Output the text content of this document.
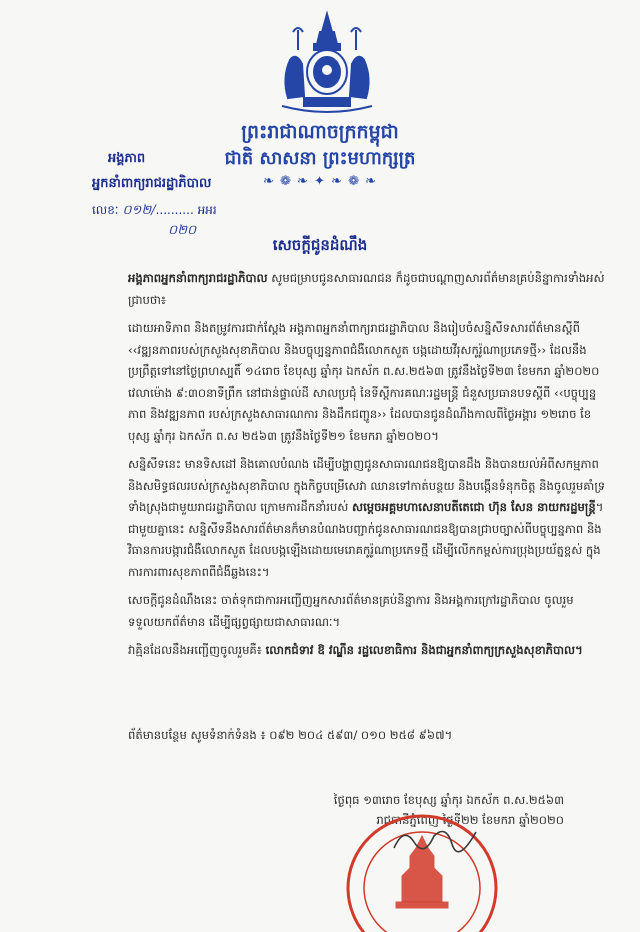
ព្រះរាជាណាចក្រកម្ពុជា
ជាតិ សាសនា ព្រះមហាក្សត្រ
❧ ❁ ❧ ✦ ❧ ❁ ❧
អង្គភាព
អ្នកនាំពាក្យរាជរដ្ឋាភិបាល
លេខៈ ០១២/.......... អអរ
០២០
សេចក្ដីជូនដំណឹង

អង្គភាពអ្នកនាំពាក្យរាជរដ្ឋាភិបាល សូមជម្រាបជូនសាធារណជន ក៏ដូចជាបណ្ដាញសារព័ត៌មានគ្រប់និន្នាការទាំងអស់ជ្រាបថា៖

ដោយអាទិភាព និងតម្រូវការជាក់ស្ដែង អង្គភាពអ្នកនាំពាក្យរាជរដ្ឋាភិបាល និងរៀបចំសន្និសីទសារព័ត៌មានស្ដីពី ‹‹វឌ្ឍនភាពរបស់ក្រសួងសុខាភិបាល និងបច្ចុប្បន្នភាពជំងឺលោកសួត បង្កដោយវីរុសកូរ៉ូណាប្រភេទថ្មី›› ដែលនឹងប្រព្រឹត្តទៅនៅថ្ងៃព្រហស្បតិ៍ ១៤រោច ខែបុស្ស ឆ្នាំកុរ ឯកស័ក ព.ស.២៥៦៣ ត្រូវនឹងថ្ងៃទី២៣ ខែមករា ឆ្នាំ២០២០ វេលាម៉ោង ៩:៣០នាទីព្រឹក នៅជាន់ផ្ទាល់ដី សាលប្រជុំ នៃទីស្ដីការគណៈរដ្ឋមន្ត្រី ជំនួសប្រធានបទស្ដីពី ‹‹បច្ចុប្បន្នភាព និងវឌ្ឍនភាព របស់ក្រសួងសាធារណការ និងដឹកជញ្ជូន›› ដែលបានជូនដំណឹងកាលពីថ្ងៃអង្គារ ១២រោច ខែបុស្ស ឆ្នាំកុរ ឯកស័ក ព.ស ២៥៦៣ ត្រូវនឹងថ្ងៃទី២១ ខែមករា ឆ្នាំ២០២០។

សន្និសីទនេះ មានទិសដៅ និងគោលបំណង ដើម្បីបង្ហាញជូនសាធារណជនឱ្យបានដឹង និងបានយល់អំពីសកម្មភាព និងសមិទ្ធផលរបស់ក្រសួងសុខាភិបាល ក្នុងកិច្ចបម្រើសេវា ឈានទៅកាត់បន្ថយ និងបង្កើនទំនុកចិត្ត និងចូលរួមគាំទ្រទាំងស្រុងជាមួយរាជរដ្ឋាភិបាល ក្រោមការដឹកនាំរបស់ សម្ដេចអគ្គមហាសេនាបតីតេជោ ហ៊ុន សែន នាយករដ្ឋមន្ត្រី។ ជាមួយគ្នានេះ សន្និសីទនឹងសារព័ត៌មានក៏មានបំណងបញ្ជាក់ជូនសាធារណជនឱ្យបានជ្រាបច្បាស់ពីបច្ចុប្បន្នភាព និងវិធានការបង្ការជំងឺលោកសួត ដែលបង្កឡើងដោយមេរោគកូរ៉ូណាប្រភេទថ្មី ដើម្បីលើកកម្ពស់ការប្រុងប្រយ័ត្នខ្ពស់ ក្នុងការការពារសុខភាពពីជំងឺឆ្លងនេះ។

សេចក្ដីជូនដំណឹងនេះ ចាត់ទុកជាការអញ្ជើញអ្នកសារព័ត៌មានគ្រប់និន្នាការ និងអង្គការក្រៅរដ្ឋាភិបាល ចូលរួមទទួលយកព័ត៌មាន ដើម្បីផ្សព្វផ្សាយជាសាធារណៈ។

វាគ្មិនដែលនឹងអញ្ជើញចូលរួមគឺ៖ លោកជំទាវ ឱ វណ្ឌីន រដ្ឋលេខាធិការ និងជាអ្នកនាំពាក្យក្រសួងសុខាភិបាល។

ព័ត៌មានបន្ថែម សូមទំនាក់ទំនង ៖ ០៩២ ២០៤ ៥៩៣/ ០១០ ២៥៨ ៩៦៧។
ថ្ងៃពុធ ១៣រោច ខែបុស្ស ឆ្នាំកុរ ឯកស័ក ព.ស.២៥៦៣
រាជធានីភ្នំពេញ ថ្ងៃទី២២ ខែមករា ឆ្នាំ២០២០
